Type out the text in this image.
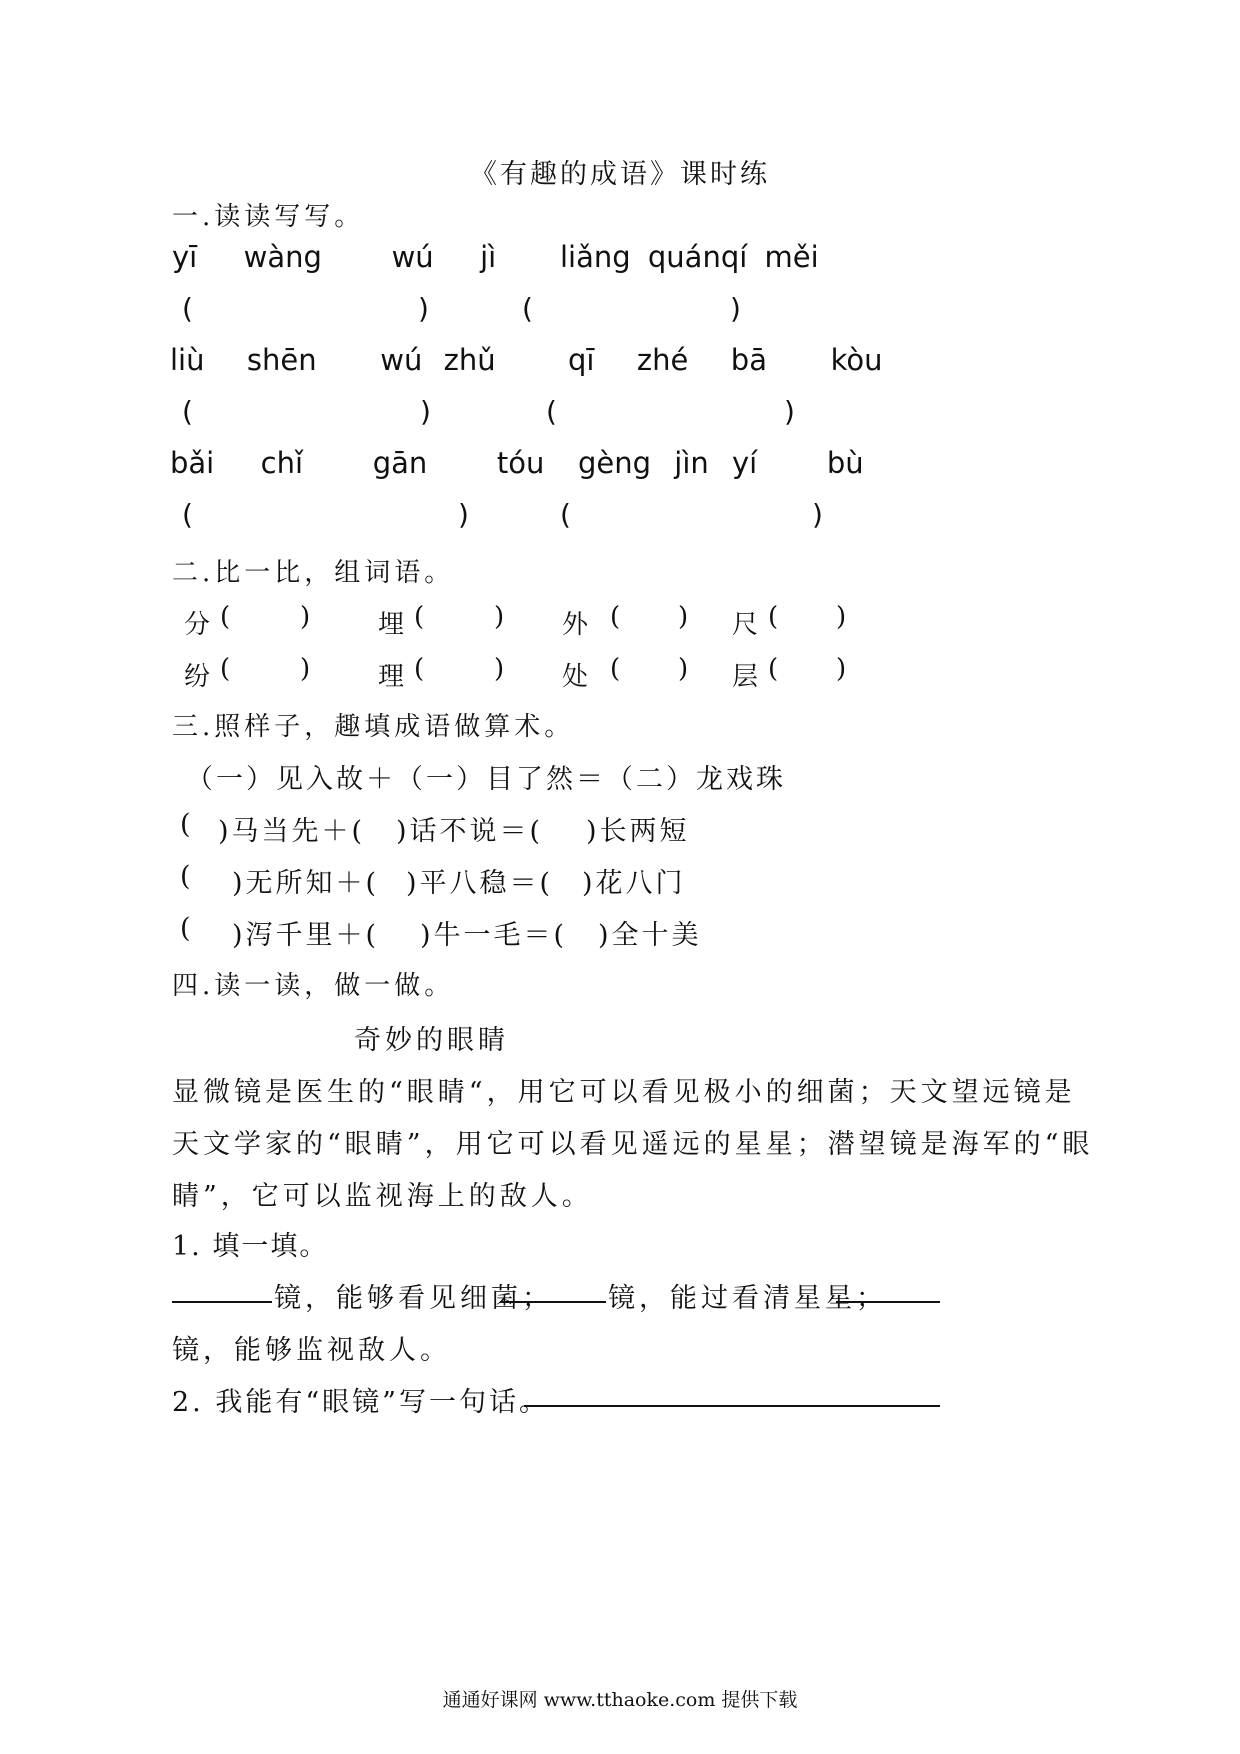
《有趣的成语》课时练
一.读读写写。
yī  wàng   wú  jì liǎng quánqí měi
(	)	(	)
liù  shēn   wú zhǔ qī  zhé  bā   kòu
(	)	(	)
bǎi  chǐ   gān   tóu gèng jìn yí   bù
(	)	(	)
二.比一比，组词语。
分 (	)	埋 (	) 外 ( ) 尺 ( )
纷 (	)	理 (	) 处 ( ) 层 ( )
三.照样子，趣填成语做算术。
（一）见入故＋（一）目了然＝（二）龙戏珠
( )马当先＋( )话不说＝( )长两短
( )无所知＋( )平八稳＝( )花八门
( )泻千里＋( )牛一毛＝( )全十美
四.读一读，做一做。
奇妙的眼睛
显微镜是医生的“眼睛“，用它可以看见极小的细菌；天文望远镜是
天文学家的“眼睛”，用它可以看见遥远的星星；潜望镜是海军的“眼
睛”，它可以监视海上的敌人。
1. 填一填。
镜，能够看见细菌； 镜，能过看清星星；
镜，能够监视敌人。
2. 我能有“眼镜”写一句话。
通通好课网 www.tthaoke.com 提供下载
